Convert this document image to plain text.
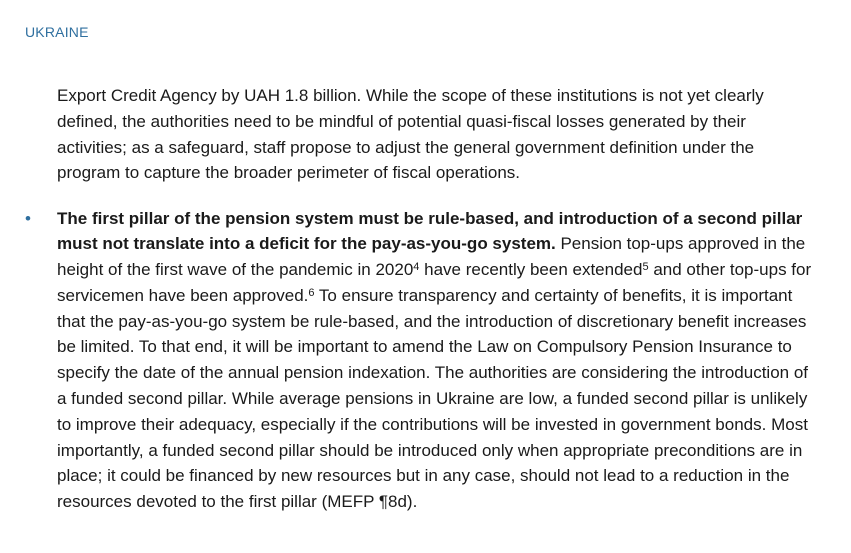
UKRAINE

Export Credit Agency by UAH 1.8 billion. While the scope of these institutions is not yet clearly defined, the authorities need to be mindful of potential quasi-fiscal losses generated by their activities; as a safeguard, staff propose to adjust the general government definition under the program to capture the broader perimeter of fiscal operations.

• The first pillar of the pension system must be rule-based, and introduction of a second pillar must not translate into a deficit for the pay-as-you-go system. Pension top-ups approved in the height of the first wave of the pandemic in 2020$^4$ have recently been extended$^5$ and other top-ups for servicemen have been approved.$^6$ To ensure transparency and certainty of benefits, it is important that the pay-as-you-go system be rule-based, and the introduction of discretionary benefit increases be limited. To that end, it will be important to amend the Law on Compulsory Pension Insurance to specify the date of the annual pension indexation. The authorities are considering the introduction of a funded second pillar. While average pensions in Ukraine are low, a funded second pillar is unlikely to improve their adequacy, especially if the contributions will be invested in government bonds. Most importantly, a funded second pillar should be introduced only when appropriate preconditions are in place; it could be financed by new resources but in any case, should not lead to a reduction in the resources devoted to the first pillar (MEFP ¶8d).
